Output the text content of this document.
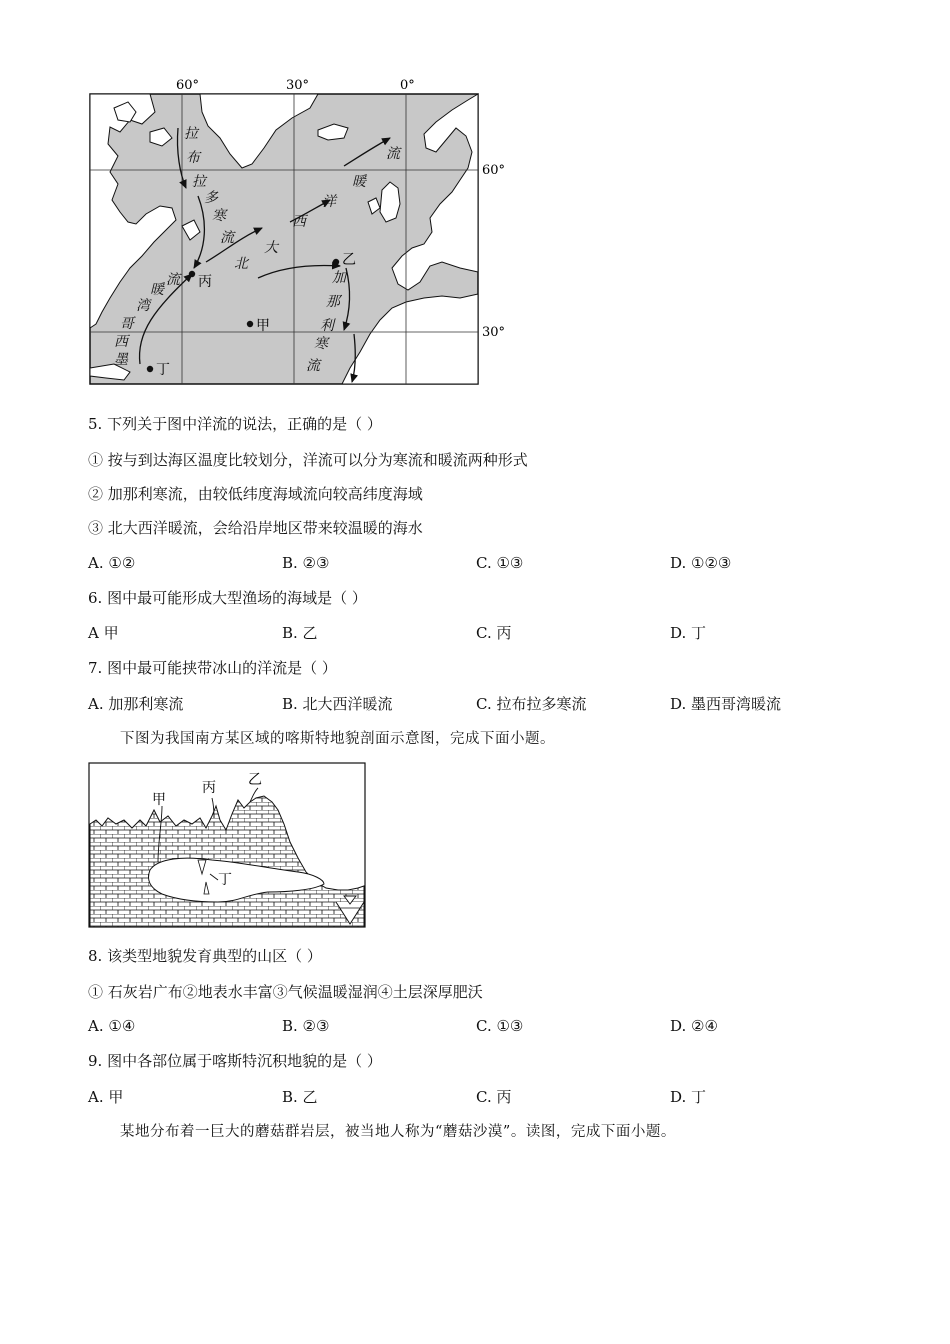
60°	30°	0°
60°
30°
拉
布
拉
多
寒
流
墨
西
哥
湾
暖
流
北
大
西
洋
暖
流
加
那
利
寒
流
丙
乙
甲
丁
5. 下列关于图中洋流的说法，正确的是（ ）
① 按与到达海区温度比较划分，洋流可以分为寒流和暖流两种形式
② 加那利寒流，由较低纬度海域流向较高纬度海域
③ 北大西洋暖流，会给沿岸地区带来较温暖的海水
A. ①②	B. ②③	C. ①③	D. ①②③
6. 图中最可能形成大型渔场的海域是（ ）
A 甲	B. 乙	C. 丙	D. 丁
7. 图中最可能挟带冰山的洋流是（ ）
A. 加那利寒流	B. 北大西洋暖流	C. 拉布拉多寒流	D. 墨西哥湾暖流
下图为我国南方某区域的喀斯特地貌剖面示意图，完成下面小题。
甲
丙 乙
丁
8. 该类型地貌发育典型的山区（ ）
① 石灰岩广布②地表水丰富③气候温暖湿润④土层深厚肥沃
A. ①④	B. ②③	C. ①③	D. ②④
9. 图中各部位属于喀斯特沉积地貌的是（ ）
A. 甲	B. 乙	C. 丙	D. 丁
某地分布着一巨大的蘑菇群岩层，被当地人称为“蘑菇沙漠”。读图，完成下面小题。
